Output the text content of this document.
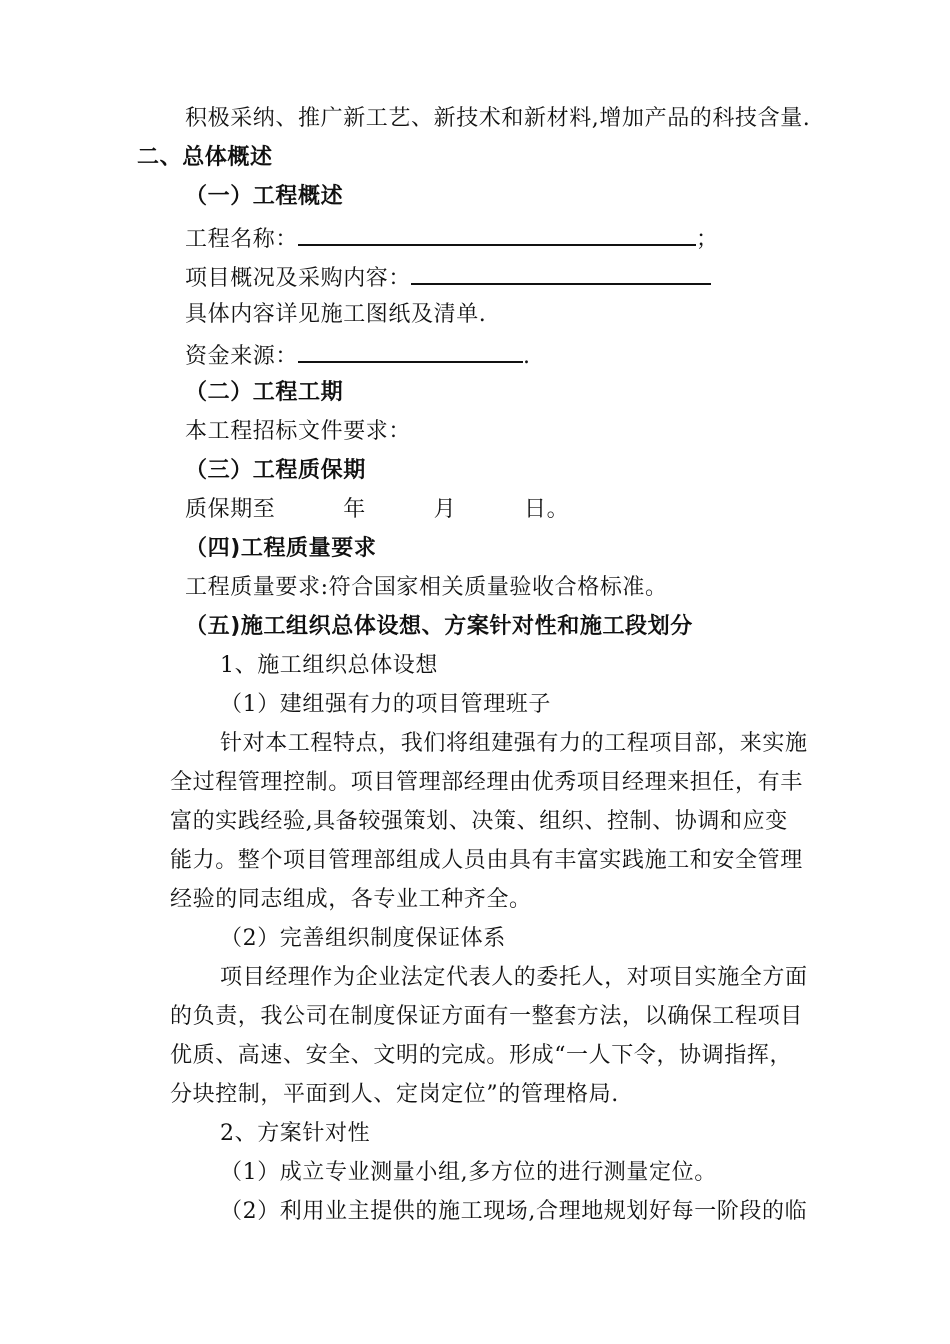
积极采纳、推广新工艺、新技术和新材料,增加产品的科技含量.
二、总体概述
（一）工程概述
工程名称：	；
项目概况及采购内容：
具体内容详见施工图纸及清单.
资金来源：	.
（二）工程工期
本工程招标文件要求：
（三）工程质保期
质保期至　　　年　　　月　　　日。
（四)工程质量要求
工程质量要求:符合国家相关质量验收合格标准。
（五)施工组织总体设想、方案针对性和施工段划分
1、施工组织总体设想
（1）建组强有力的项目管理班子
针对本工程特点，我们将组建强有力的工程项目部，来实施
全过程管理控制。项目管理部经理由优秀项目经理来担任，有丰
富的实践经验,具备较强策划、决策、组织、控制、协调和应变
能力。整个项目管理部组成人员由具有丰富实践施工和安全管理
经验的同志组成，各专业工种齐全。
（2）完善组织制度保证体系
项目经理作为企业法定代表人的委托人，对项目实施全方面
的负责，我公司在制度保证方面有一整套方法，以确保工程项目
优质、高速、安全、文明的完成。形成“一人下令，协调指挥，
分块控制，平面到人、定岗定位”的管理格局.
2、方案针对性
（1）成立专业测量小组,多方位的进行测量定位。
（2）利用业主提供的施工现场,合理地规划好每一阶段的临
